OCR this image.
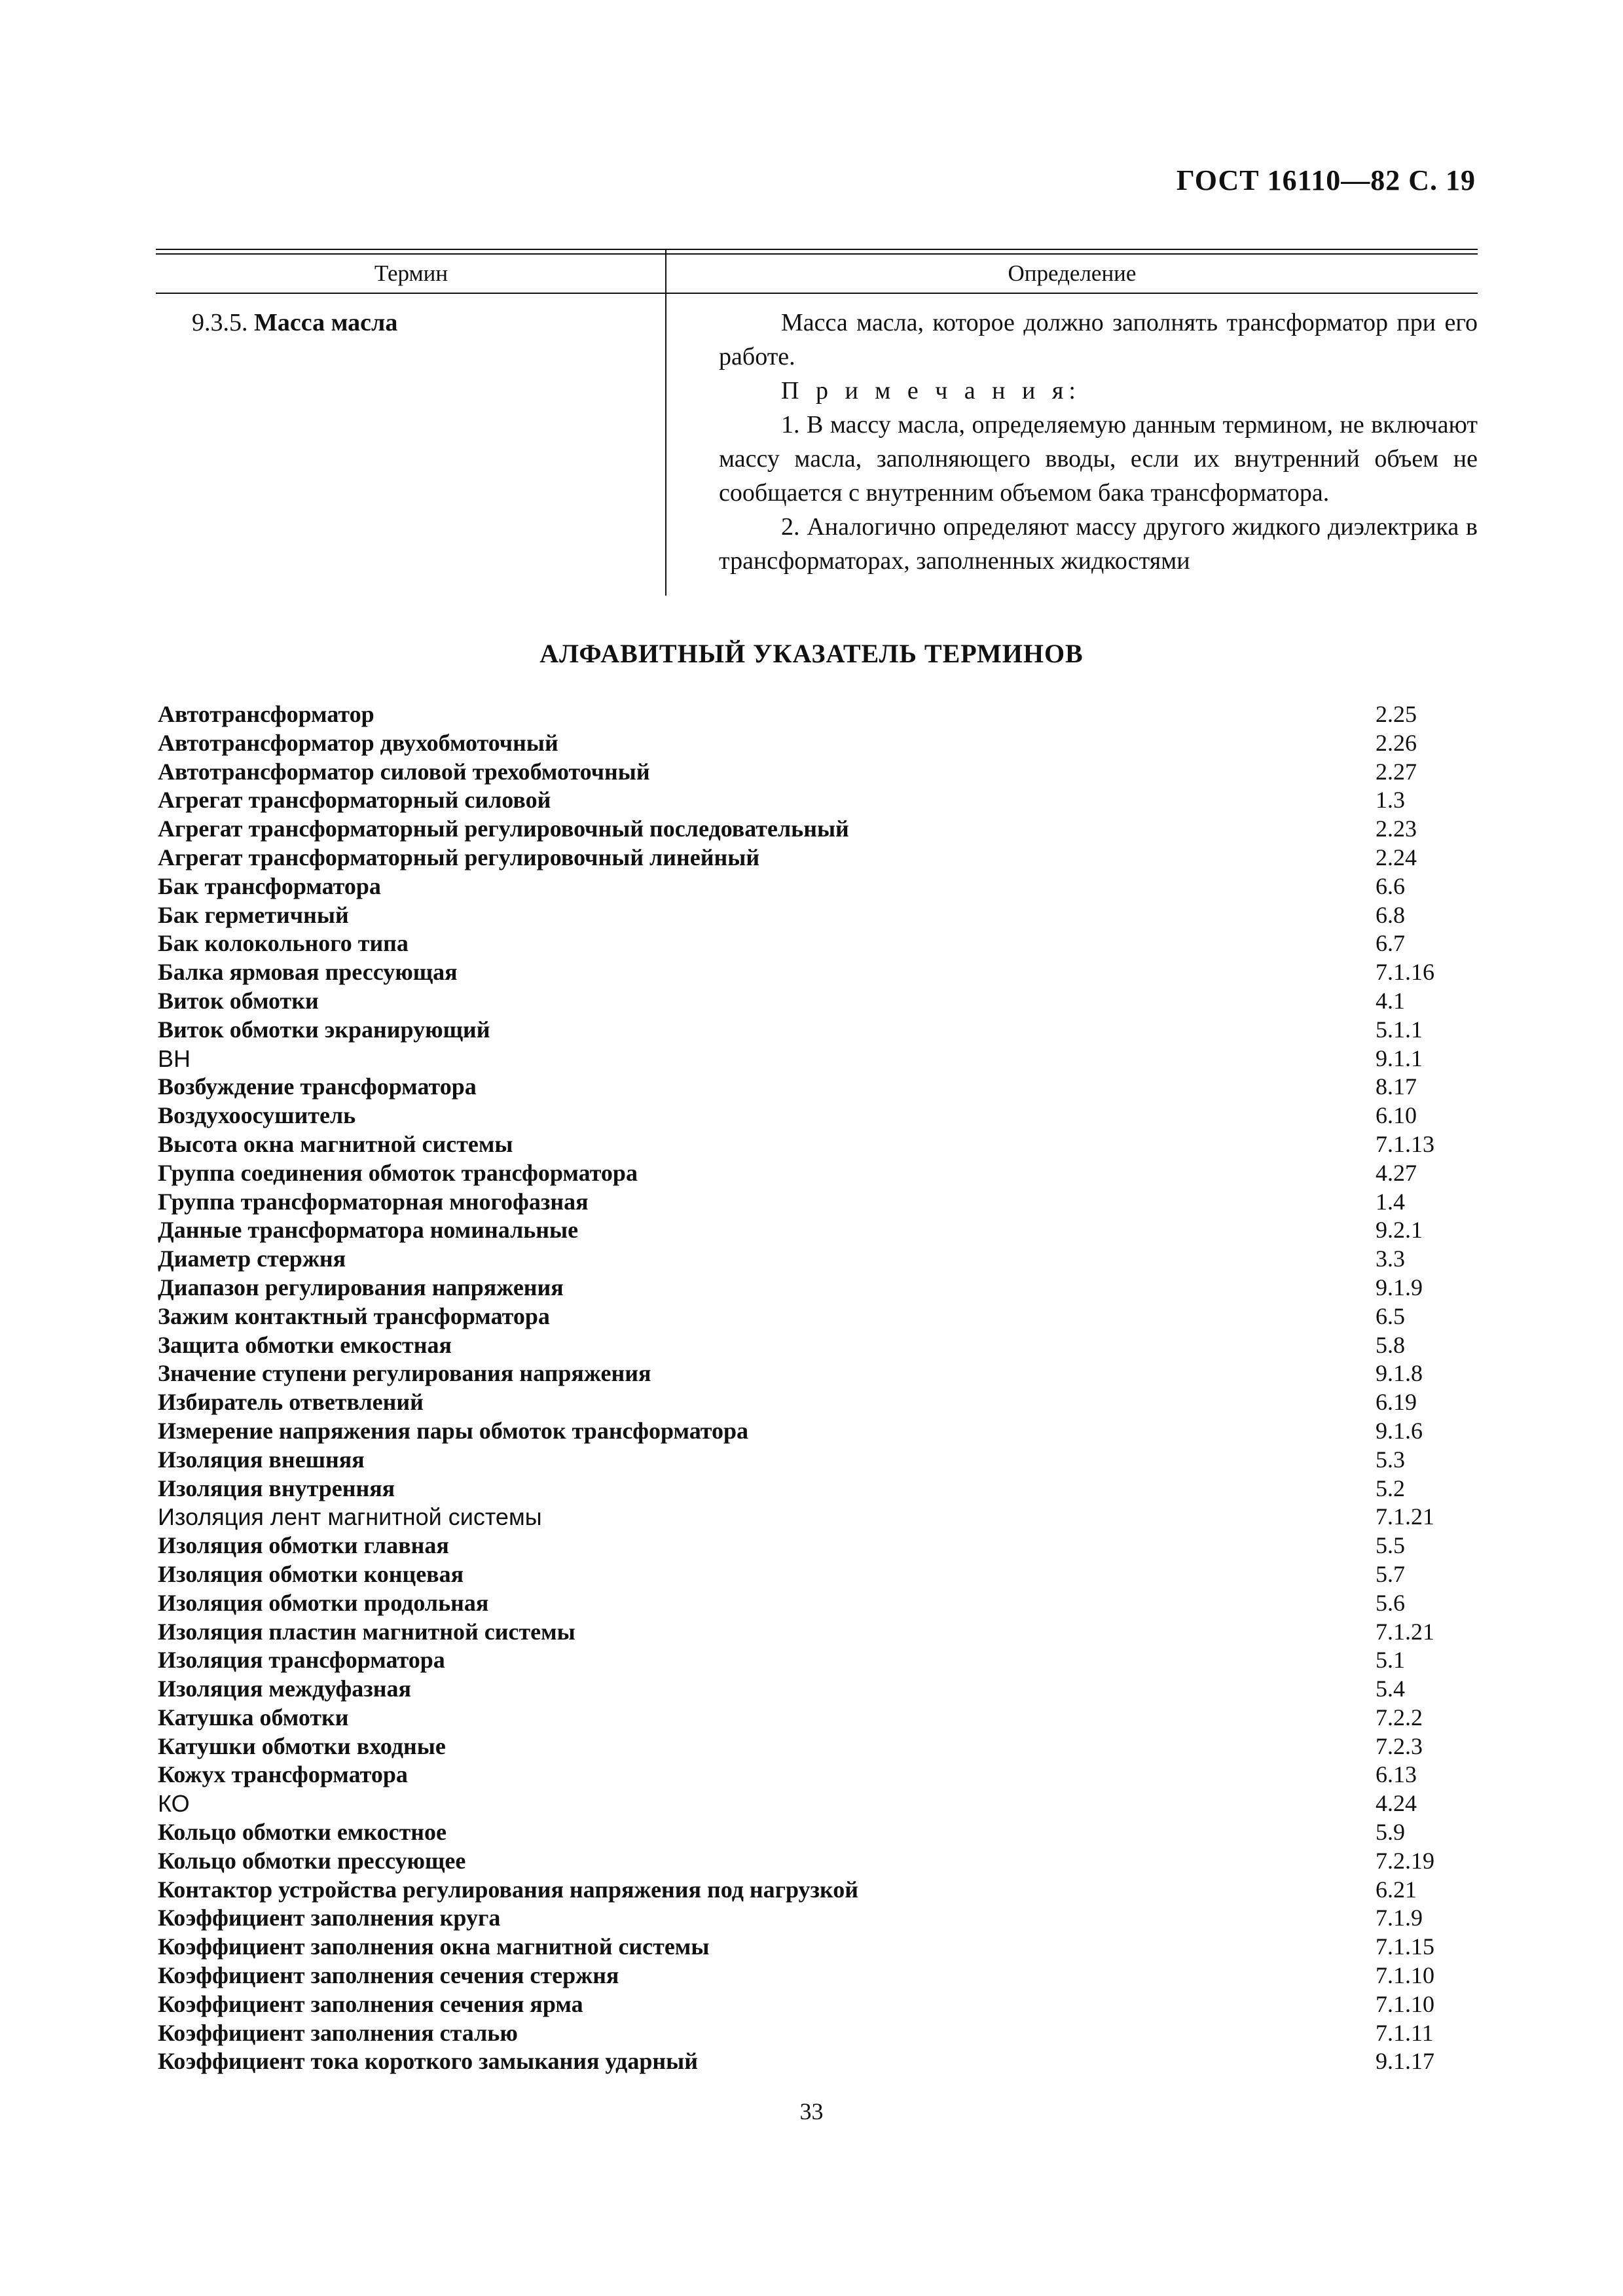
ГОСТ 16110—82 С. 19
Термин	Определение
9.3.5. Масса масла	Масса масла, которое должно заполнять трансформатор при его работе.
П р и м е ч а н и я:
1. В массу масла, определяемую данным термином, не включают массу масла, заполняющего вводы, если их внутренний объем не сообщается с внутренним объемом бака трансформатора.
2. Аналогично определяют массу другого жидкого диэлектрика в трансформаторах, заполненных жидкостями
АЛФАВИТНЫЙ УКАЗАТЕЛЬ ТЕРМИНОВ
Автотрансформатор	2.25
Автотрансформатор двухобмоточный	2.26
Автотрансформатор силовой трехобмоточный	2.27
Агрегат трансформаторный силовой	1.3
Агрегат трансформаторный регулировочный последовательный	2.23
Агрегат трансформаторный регулировочный линейный	2.24
Бак трансформатора	6.6
Бак герметичный	6.8
Бак колокольного типа	6.7
Балка ярмовая прессующая	7.1.16
Виток обмотки	4.1
Виток обмотки экранирующий	5.1.1
ВН	9.1.1
Возбуждение трансформатора	8.17
Воздухоосушитель	6.10
Высота окна магнитной системы	7.1.13
Группа соединения обмоток трансформатора	4.27
Группа трансформаторная многофазная	1.4
Данные трансформатора номинальные	9.2.1
Диаметр стержня	3.3
Диапазон регулирования напряжения	9.1.9
Зажим контактный трансформатора	6.5
Защита обмотки емкостная	5.8
Значение ступени регулирования напряжения	9.1.8
Избиратель ответвлений	6.19
Измерение напряжения пары обмоток трансформатора	9.1.6
Изоляция внешняя	5.3
Изоляция внутренняя	5.2
Изоляция лент магнитной системы	7.1.21
Изоляция обмотки главная	5.5
Изоляция обмотки концевая	5.7
Изоляция обмотки продольная	5.6
Изоляция пластин магнитной системы	7.1.21
Изоляция трансформатора	5.1
Изоляция междуфазная	5.4
Катушка обмотки	7.2.2
Катушки обмотки входные	7.2.3
Кожух трансформатора	6.13
КО	4.24
Кольцо обмотки емкостное	5.9
Кольцо обмотки прессующее	7.2.19
Контактор устройства регулирования напряжения под нагрузкой	6.21
Коэффициент заполнения круга	7.1.9
Коэффициент заполнения окна магнитной системы	7.1.15
Коэффициент заполнения сечения стержня	7.1.10
Коэффициент заполнения сечения ярма	7.1.10
Коэффициент заполнения сталью	7.1.11
Коэффициент тока короткого замыкания ударный	9.1.17
33
